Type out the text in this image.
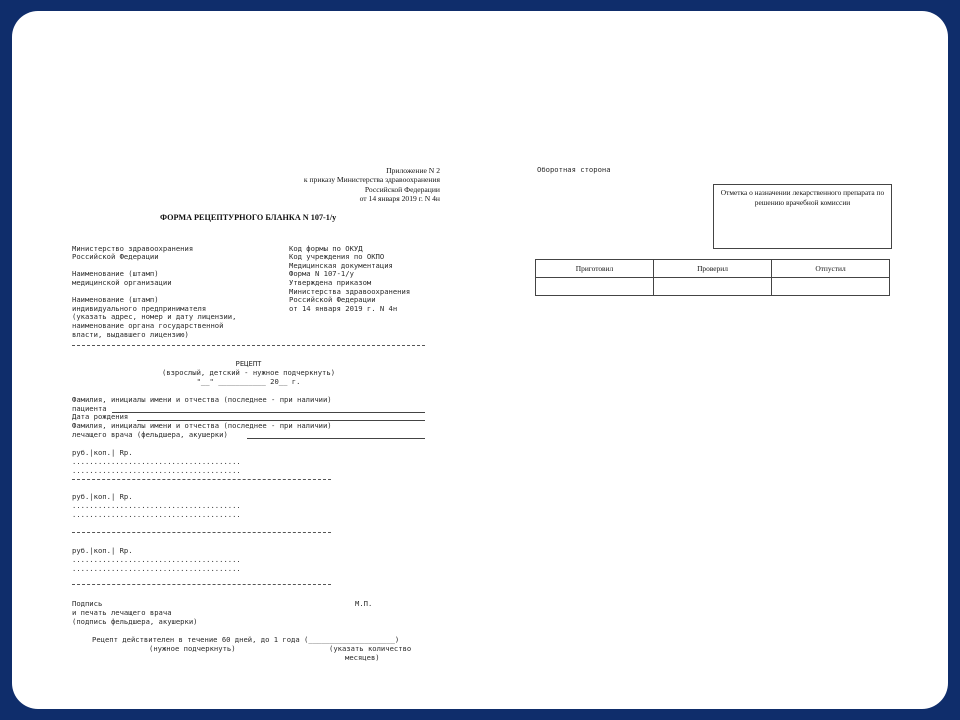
Приложение N 2
к приказу Министерства здравоохранения
Российской Федерации
от 14 января 2019 г. N 4н
ФОРМА РЕЦЕПТУРНОГО БЛАНКА N 107-1/у

Министерство здравоохранения
Российской Федерации

Наименование (штамп)
медицинской организации

Наименование (штамп)
индивидуального предпринимателя
(указать адрес, номер и дату лицензии,
наименование органа государственной
власти, выдавшего лицензию)

Код формы по ОКУД
Код учреждения по ОКПО
Медицинская документация
Форма N 107-1/у
Утверждена приказом
Министерства здравоохранения
Российской Федерации
от 14 января 2019 г. N 4н

РЕЦЕПТ
(взрослый, детский - нужное подчеркнуть)
"__" ___________ 20__ г.
Фамилия, инициалы имени и отчества (последнее - при наличии)
пациента
Дата рождения
Фамилия, инициалы имени и отчества (последнее - при наличии)
лечащего врача (фельдшера, акушерки)
руб.|коп.| Rp.
.......................................
.......................................
руб.|коп.| Rp.
.......................................
.......................................
руб.|коп.| Rp.
.......................................
.......................................
Подпись	М.П.
и печать лечащего врача
(подпись фельдшера, акушерки)
Рецепт действителен в течение 60 дней, до 1 года (____________________)
(нужное подчеркнуть)	(указать количество
месяцев)
Оборотная сторона
Отметка о назначении лекарственного препарата по решению врачебной комиссии
Приготовил	Проверил	Отпустил
